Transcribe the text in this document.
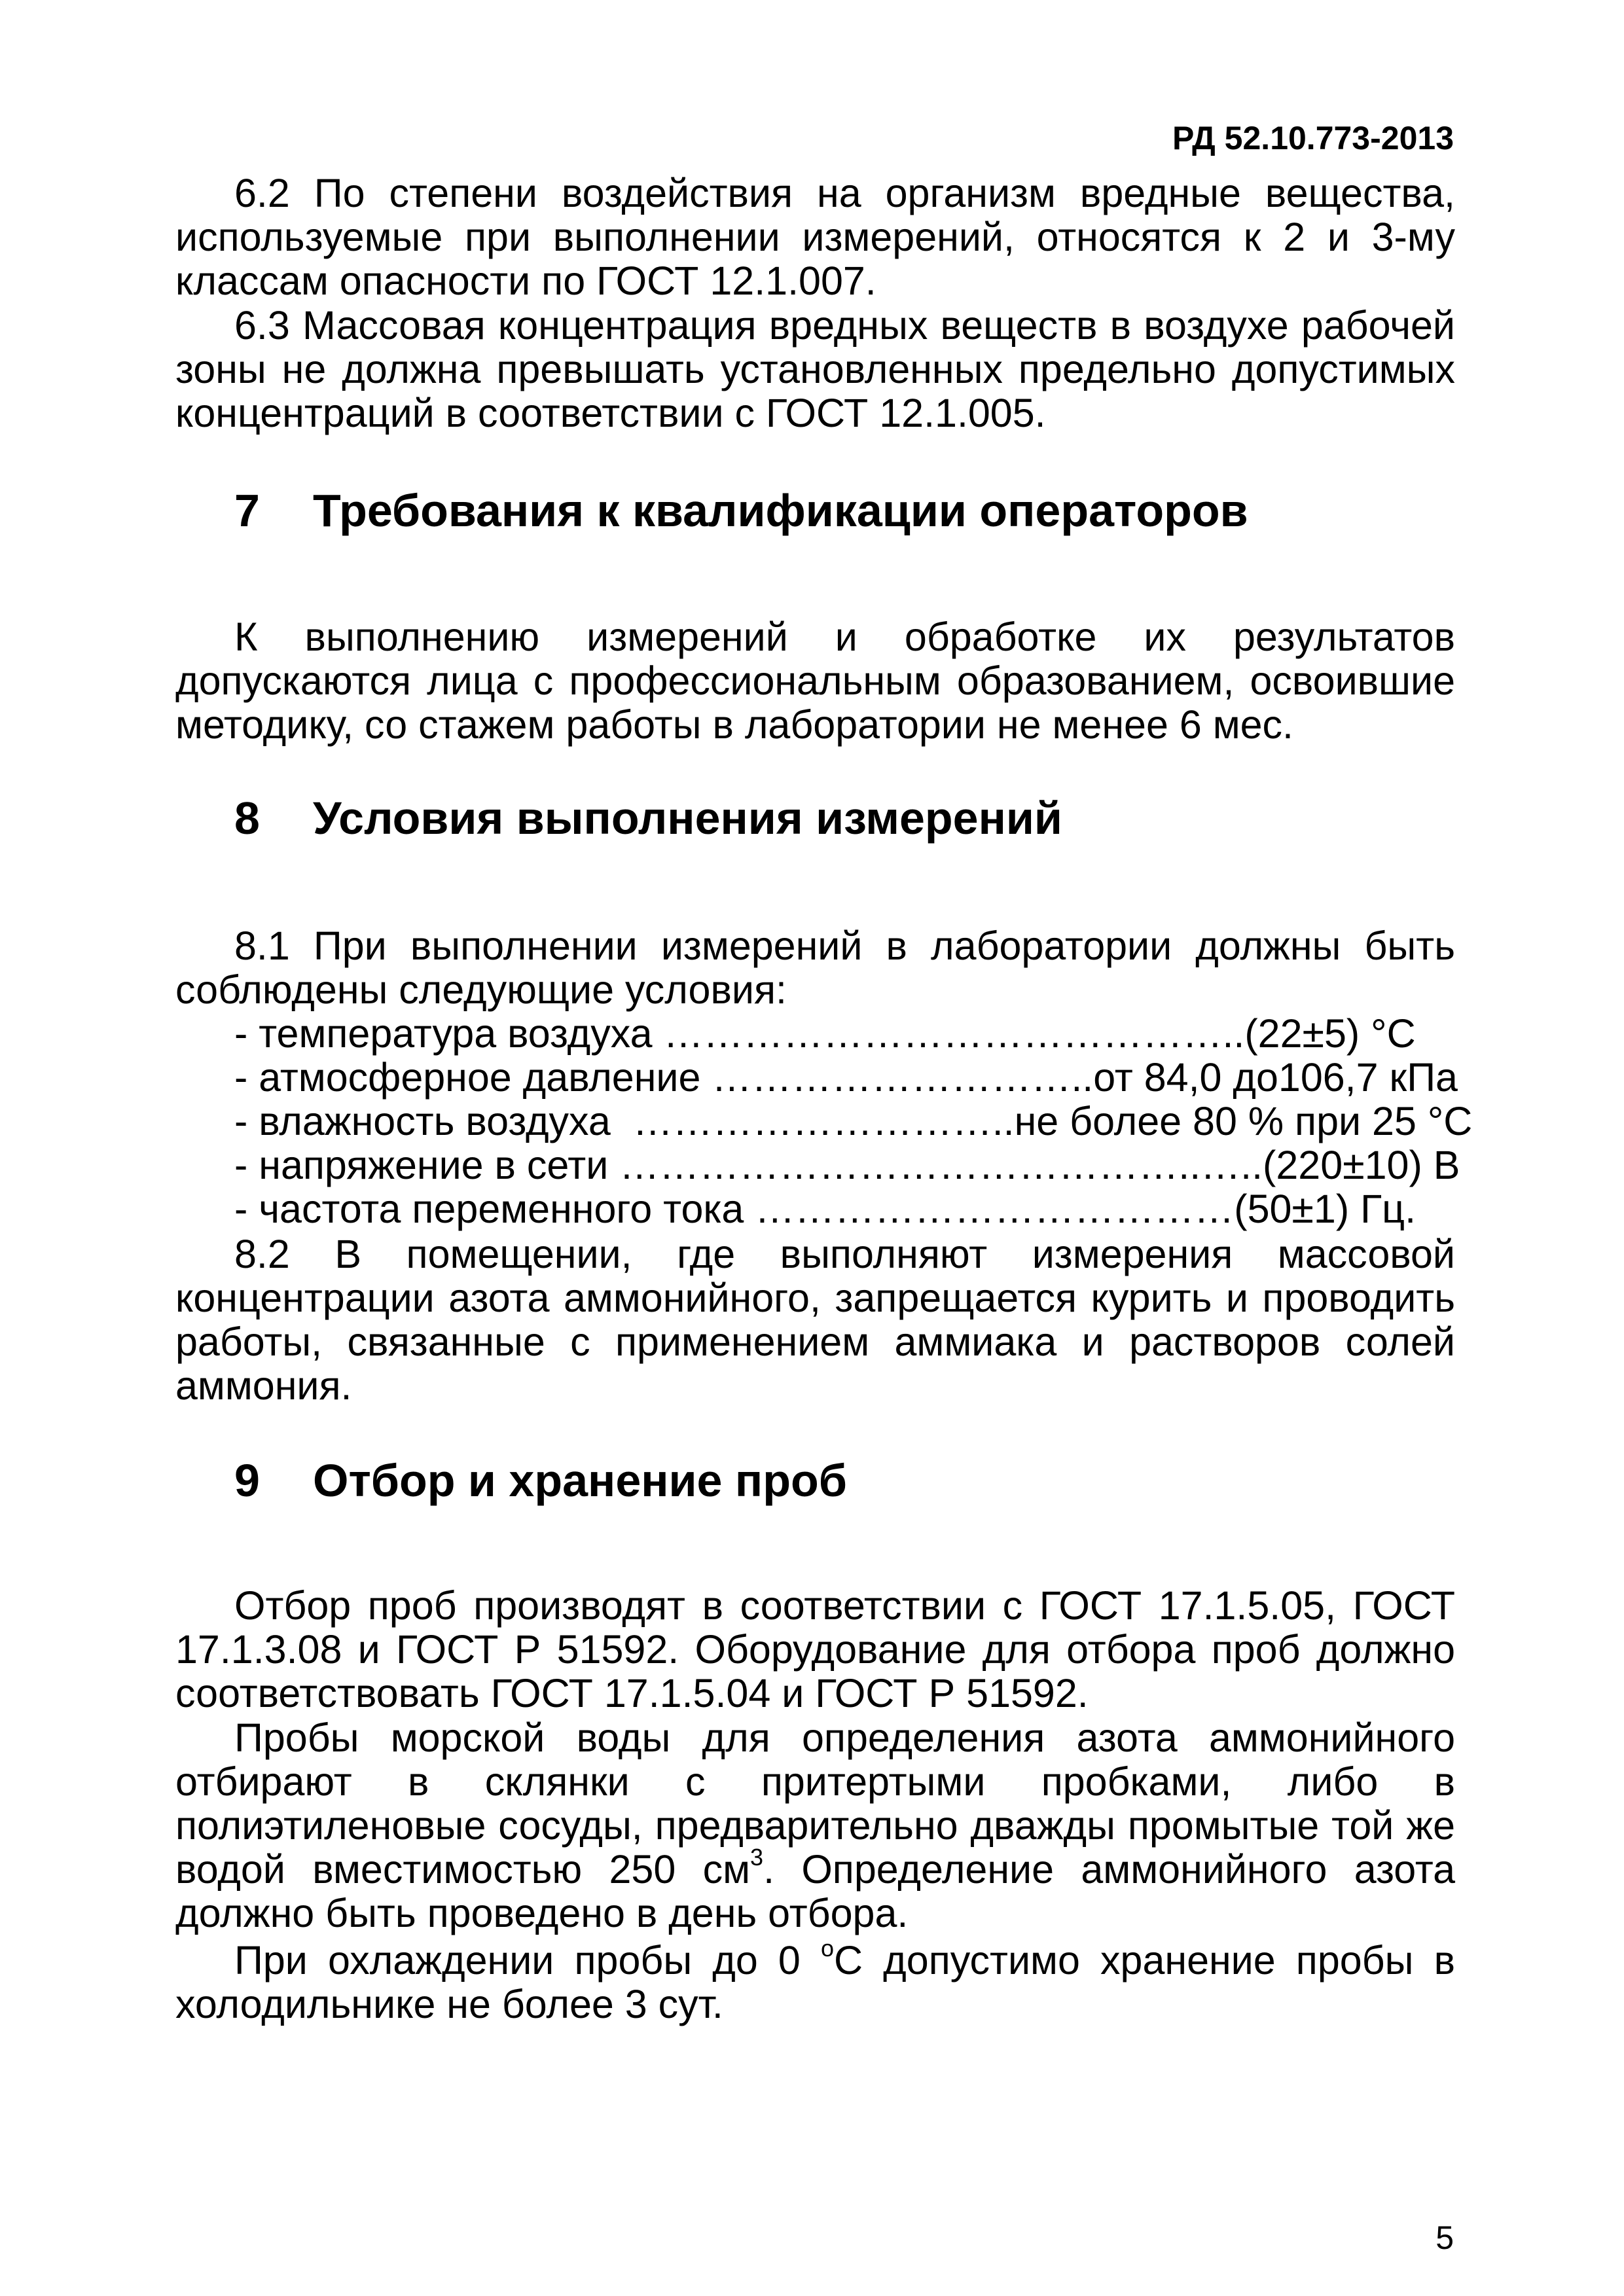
РД 52.10.773-2013

6.2 По степени воздействия на организм вредные вещества, используемые при выполнении измерений, относятся к 2 и 3-му классам опасности по ГОСТ 12.1.007.

6.3 Массовая концентрация вредных веществ в воздухе рабочей зоны не должна превышать установленных предельно допустимых концентраций в соответствии с ГОСТ 12.1.005.

7 Требования к квалификации операторов

К выполнению измерений и обработке их результатов допускаются лица с профессиональным образованием, освоившие методику, со стажем работы в лаборатории не менее 6 мес.

8 Условия выполнения измерений

8.1 При выполнении измерений в лаборатории должны быть соблюдены следующие условия:

- температура воздуха ……………………………………..(22±5) °С
- атмосферное давление ………………………..от 84,0 до106,7 кПа
- влажность воздуха  ………………………..не более 80 % при 25 °С
- напряжение в сети ……………………………………..…..(220±10) В
- частота переменного тока ………………………………(50±1) Гц.

8.2 В помещении, где выполняют измерения массовой концентрации азота аммонийного, запрещается курить и проводить работы, связанные с применением аммиака и растворов солей аммония.

9 Отбор и хранение проб

Отбор проб производят в соответствии с ГОСТ 17.1.5.05, ГОСТ 17.1.3.08 и ГОСТ Р 51592. Оборудование для отбора проб должно соответствовать ГОСТ 17.1.5.04 и ГОСТ Р 51592.

Пробы морской воды для определения азота аммонийного отбирают в склянки с притертыми пробками, либо в полиэтиленовые сосуды, предварительно дважды промытые той же водой вместимостью 250 $см^3$. Определение аммонийного азота должно быть проведено в день отбора.

При охлаждении пробы до 0 $^о$С допустимо хранение пробы в холодильнике не более 3 сут.

5
